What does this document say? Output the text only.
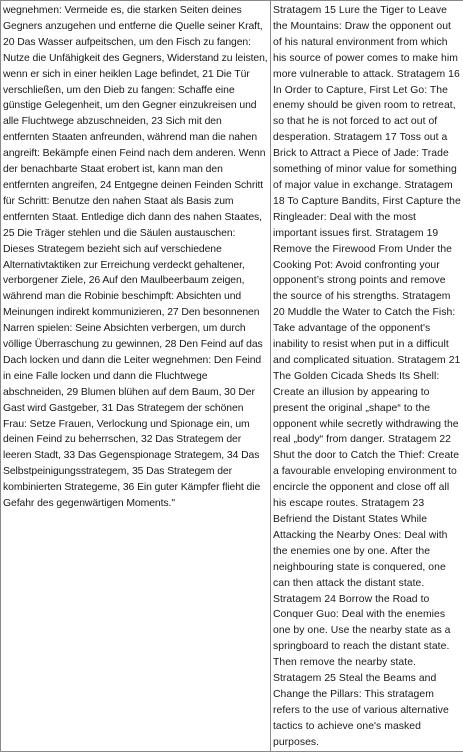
wegnehmen: Vermeide es, die starken Seiten deines Gegners anzugehen und entferne die Quelle seiner Kraft, 20 Das Wasser aufpeitschen, um den Fisch zu fangen: Nutze die Unfähigkeit des Gegners, Widerstand zu leisten, wenn er sich in einer heiklen Lage befindet, 21 Die Tür verschließen, um den Dieb zu fangen: Schaffe eine günstige Gelegenheit, um den Gegner einzukreisen und alle Fluchtwege abzuschneiden, 23 Sich mit den entfernten Staaten anfreunden, während man die nahen angreift: Bekämpfe einen Feind nach dem anderen. Wenn der benachbarte Staat erobert ist, kann man den entfernten angreifen, 24 Entgegne deinen Feinden Schritt für Schritt: Benutze den nahen Staat als Basis zum entfernten Staat. Entledige dich dann des nahen Staates, 25 Die Träger stehlen und die Säulen austauschen: Dieses Strategem bezieht sich auf verschiedene Alternativtaktiken zur Erreichung verdeckt gehaltener, verborgener Ziele, 26 Auf den Maulbeerbaum zeigen, während man die Robinie beschimpft: Absichten und Meinungen indirekt kommunizieren, 27 Den besonnenen Narren spielen: Seine Absichten verbergen, um durch völlige Überraschung zu gewinnen, 28 Den Feind auf das Dach locken und dann die Leiter wegnehmen: Den Feind in eine Falle locken und dann die Fluchtwege abschneiden, 29 Blumen blühen auf dem Baum, 30 Der Gast wird Gastgeber, 31 Das Strategem der schönen Frau: Setze Frauen, Verlockung und Spionage ein, um deinen Feind zu beherrschen, 32 Das Strategem der leeren Stadt, 33 Das Gegenspionage Strategem, 34 Das Selbstpeinigungsstrategem, 35 Das Strategem der kombinierten Strategeme, 36 Ein guter Kämpfer flieht die Gefahr des gegenwärtigen Moments."

Stratagem 15 Lure the Tiger to Leave the Mountains: Draw the opponent out of his natural environment from which his source of power comes to make him more vulnerable to attack. Stratagem 16 In Order to Capture, First Let Go: The enemy should be given room to retreat, so that he is not forced to act out of desperation. Stratagem 17 Toss out a Brick to Attract a Piece of Jade: Trade something of minor value for something of major value in exchange. Stratagem 18 To Capture Bandits, First Capture the Ringleader: Deal with the most important issues first. Stratagem 19 Remove the Firewood From Under the Cooking Pot: Avoid confronting your opponent’s strong points and remove the source of his strengths. Stratagem 20 Muddle the Water to Catch the Fish: Take advantage of the opponent's inability to resist when put in a difficult and complicated situation. Stratagem 21 The Golden Cicada Sheds Its Shell: Create an illusion by appearing to present the original „shape“ to the opponent while secretly withdrawing the real „body“ from danger. Stratagem 22 Shut the door to Catch the Thief: Create a favourable enveloping environment to encircle the opponent and close off all his escape routes. Stratagem 23 Befriend the Distant States While Attacking the Nearby Ones: Deal with the enemies one by one. After the neighbouring state is conquered, one can then attack the distant state. Stratagem 24 Borrow the Road to Conquer Guo: Deal with the enemies one by one. Use the nearby state as a springboard to reach the distant state. Then remove the nearby state. Stratagem 25 Steal the Beams and Change the Pillars: This stratagem refers to the use of various alternative tactics to achieve one's masked purposes.
